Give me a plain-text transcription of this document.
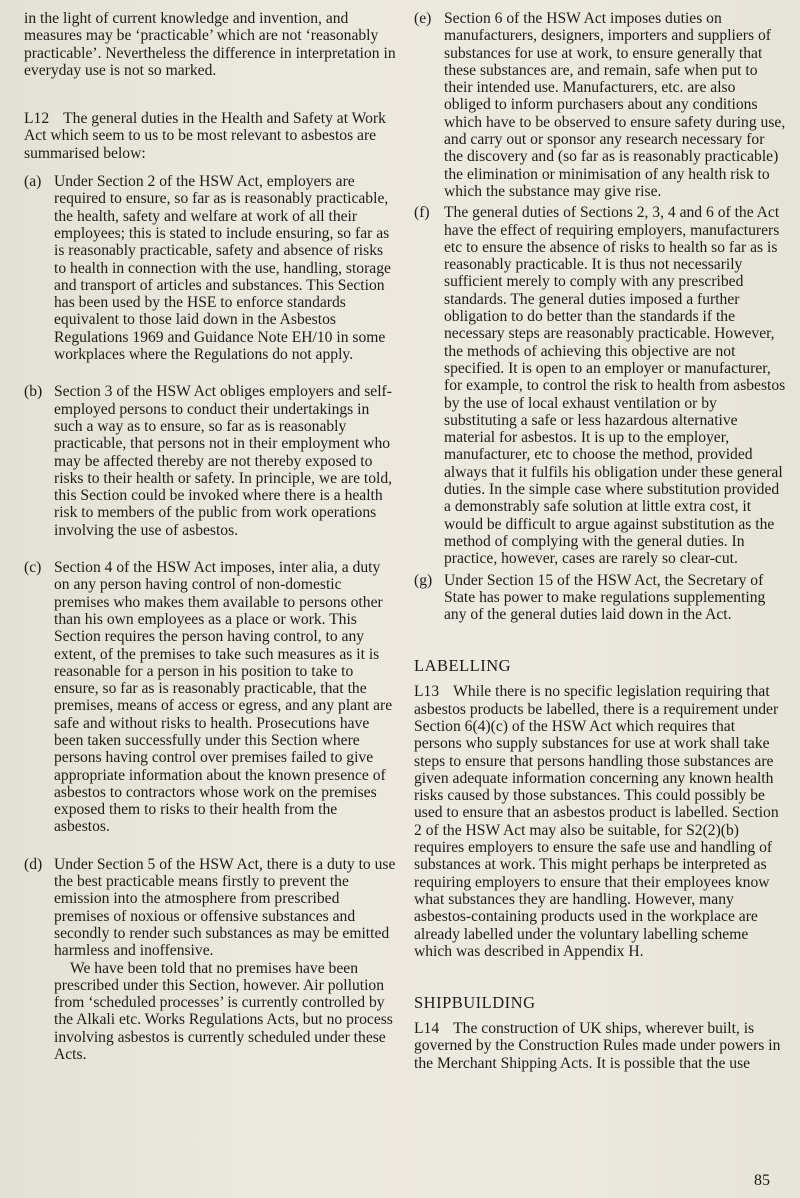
in the light of current knowledge and invention, and measures may be ‘practicable’ which are not ‘reasonably practicable’. Nevertheless the difference in interpretation in everyday use is not so marked.

L12 The general duties in the Health and Safety at Work Act which seem to us to be most relevant to asbestos are summarised below:

(a) Under Section 2 of the HSW Act, employers are required to ensure, so far as is reasonably practicable, the health, safety and welfare at work of all their employees; this is stated to include ensuring, so far as is reasonably practicable, safety and absence of risks to health in connection with the use, handling, storage and transport of articles and substances. This Section has been used by the HSE to enforce standards equivalent to those laid down in the Asbestos Regulations 1969 and Guidance Note EH/10 in some workplaces where the Regulations do not apply.

(b) Section 3 of the HSW Act obliges employers and self-employed persons to conduct their undertakings in such a way as to ensure, so far as is reasonably practicable, that persons not in their employment who may be affected thereby are not thereby exposed to risks to their health or safety. In principle, we are told, this Section could be invoked where there is a health risk to members of the public from work operations involving the use of asbestos.

(c) Section 4 of the HSW Act imposes, inter alia, a duty on any person having control of non-domestic premises who makes them available to persons other than his own employees as a place or work. This Section requires the person having control, to any extent, of the premises to take such measures as it is reasonable for a person in his position to take to ensure, so far as is reasonably practicable, that the premises, means of access or egress, and any plant are safe and without risks to health. Prosecutions have been taken successfully under this Section where persons having control over premises failed to give appropriate information about the known presence of asbestos to contractors whose work on the premises exposed them to risks to their health from the asbestos.

(d) Under Section 5 of the HSW Act, there is a duty to use the best practicable means firstly to prevent the emission into the atmosphere from prescribed premises of noxious or offensive substances and secondly to render such substances as may be emitted harmless and inoffensive.

We have been told that no premises have been prescribed under this Section, however. Air pollution from ‘scheduled processes’ is currently controlled by the Alkali etc. Works Regulations Acts, but no process involving asbestos is currently scheduled under these Acts.

(e) Section 6 of the HSW Act imposes duties on manufacturers, designers, importers and suppliers of substances for use at work, to ensure generally that these substances are, and remain, safe when put to their intended use. Manufacturers, etc. are also obliged to inform purchasers about any conditions which have to be observed to ensure safety during use, and carry out or sponsor any research necessary for the discovery and (so far as is reasonably practicable) the elimination or minimisation of any health risk to which the substance may give rise.

(f) The general duties of Sections 2, 3, 4 and 6 of the Act have the effect of requiring employers, manufacturers etc to ensure the absence of risks to health so far as is reasonably practicable. It is thus not necessarily sufficient merely to comply with any prescribed standards. The general duties imposed a further obligation to do better than the standards if the necessary steps are reasonably practicable. However, the methods of achieving this objective are not specified. It is open to an employer or manufacturer, for example, to control the risk to health from asbestos by the use of local exhaust ventilation or by substituting a safe or less hazardous alternative material for asbestos. It is up to the employer, manufacturer, etc to choose the method, provided always that it fulfils his obligation under these general duties. In the simple case where substitution provided a demonstrably safe solution at little extra cost, it would be difficult to argue against substitution as the method of complying with the general duties. In practice, however, cases are rarely so clear-cut.

(g) Under Section 15 of the HSW Act, the Secretary of State has power to make regulations supplementing any of the general duties laid down in the Act.

LABELLING

L13 While there is no specific legislation requiring that asbestos products be labelled, there is a requirement under Section 6(4)(c) of the HSW Act which requires that persons who supply substances for use at work shall take steps to ensure that persons handling those substances are given adequate information concerning any known health risks caused by those substances. This could possibly be used to ensure that an asbestos product is labelled. Section 2 of the HSW Act may also be suitable, for S2(2)(b) requires employers to ensure the safe use and handling of substances at work. This might perhaps be interpreted as requiring employers to ensure that their employees know what substances they are handling. However, many asbestos-containing products used in the workplace are already labelled under the voluntary labelling scheme which was described in Appendix H.

SHIPBUILDING

L14 The construction of UK ships, wherever built, is governed by the Construction Rules made under powers in the Merchant Shipping Acts. It is possible that the use

85
